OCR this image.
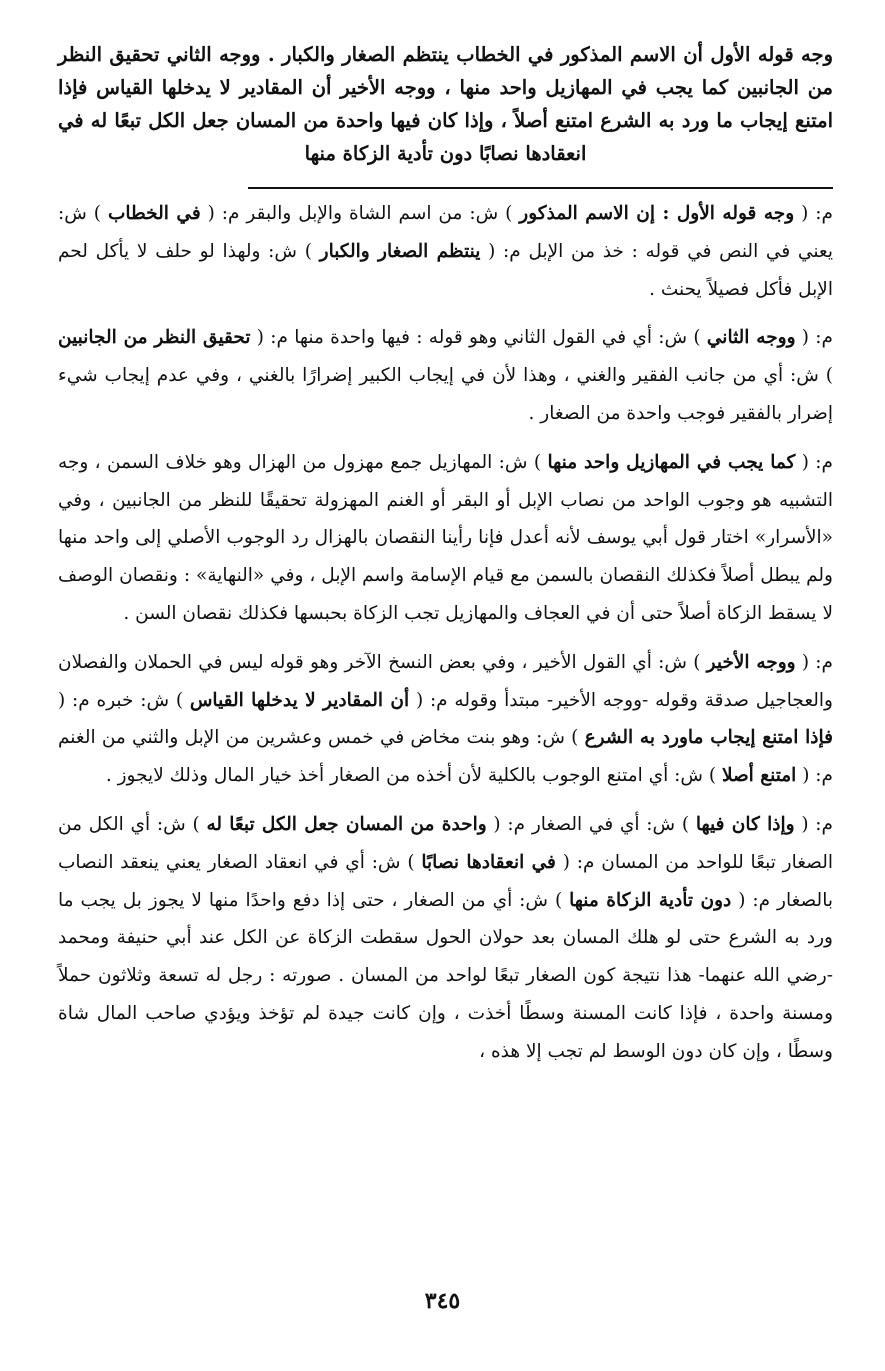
وجه قوله الأول أن الاسم المذكور في الخطاب ينتظم الصغار والكبار . ووجه الثاني تحقيق النظر من الجانبين كما يجب في المهازيل واحد منها ، ووجه الأخير أن المقادير لا يدخلها القياس فإذا امتنع إيجاب ما ورد به الشرع امتنع أصلاً ، وإذا كان فيها واحدة من المسان جعل الكل تبعًا له في انعقادها نصابًا دون تأدية الزكاة منها

م: ( وجه قوله الأول : إن الاسم المذكور ) ش: من اسم الشاة والإبل والبقر م: ( في الخطاب ) ش: يعني في النص في قوله : خذ من الإبل م: ( ينتظم الصغار والكبار ) ش: ولهذا لو حلف لا يأكل لحم الإبل فأكل فصيلاً يحنث .

م: ( ووجه الثاني ) ش: أي في القول الثاني وهو قوله : فيها واحدة منها م: ( تحقيق النظر من الجانبين ) ش: أي من جانب الفقير والغني ، وهذا لأن في إيجاب الكبير إضرارًا بالغني ، وفي عدم إيجاب شيء إضرار بالفقير فوجب واحدة من الصغار .

م: ( كما يجب في المهازيل واحد منها ) ش: المهازيل جمع مهزول من الهزال وهو خلاف السمن ، وجه التشبيه هو وجوب الواحد من نصاب الإبل أو البقر أو الغنم المهزولة تحقيقًا للنظر من الجانبين ، وفي «الأسرار» اختار قول أبي يوسف لأنه أعدل فإنا رأينا النقصان بالهزال رد الوجوب الأصلي إلى واحد منها ولم يبطل أصلاً فكذلك النقصان بالسمن مع قيام الإسامة واسم الإبل ، وفي «النهاية» : ونقصان الوصف لا يسقط الزكاة أصلاً حتى أن في العجاف والمهازيل تجب الزكاة بحبسها فكذلك نقصان السن .

م: ( ووجه الأخير ) ش: أي القول الأخير ، وفي بعض النسخ الآخر وهو قوله ليس في الحملان والفصلان والعجاجيل صدقة وقوله -ووجه الأخير- مبتدأ وقوله م: ( أن المقادير لا يدخلها القياس ) ش: خبره م: ( فإذا امتنع إيجاب ماورد به الشرع ) ش: وهو بنت مخاض في خمس وعشرين من الإبل والثني من الغنم م: ( امتنع أصلا ) ش: أي امتنع الوجوب بالكلية لأن أخذه من الصغار أخذ خيار المال وذلك لايجوز .

م: ( وإذا كان فيها ) ش: أي في الصغار م: ( واحدة من المسان جعل الكل تبعًا له ) ش: أي الكل من الصغار تبعًا للواحد من المسان م: ( في انعقادها نصابًا ) ش: أي في انعقاد الصغار يعني ينعقد النصاب بالصغار م: ( دون تأدية الزكاة منها ) ش: أي من الصغار ، حتى إذا دفع واحدًا منها لا يجوز بل يجب ما ورد به الشرع حتى لو هلك المسان بعد حولان الحول سقطت الزكاة عن الكل عند أبي حنيفة ومحمد -رضي الله عنهما- هذا نتيجة كون الصغار تبعًا لواحد من المسان . صورته : رجل له تسعة وثلاثون حملاً ومسنة واحدة ، فإذا كانت المسنة وسطًا أخذت ، وإن كانت جيدة لم تؤخذ ويؤدي صاحب المال شاة وسطًا ، وإن كان دون الوسط لم تجب إلا هذه ،

٣٤٥
